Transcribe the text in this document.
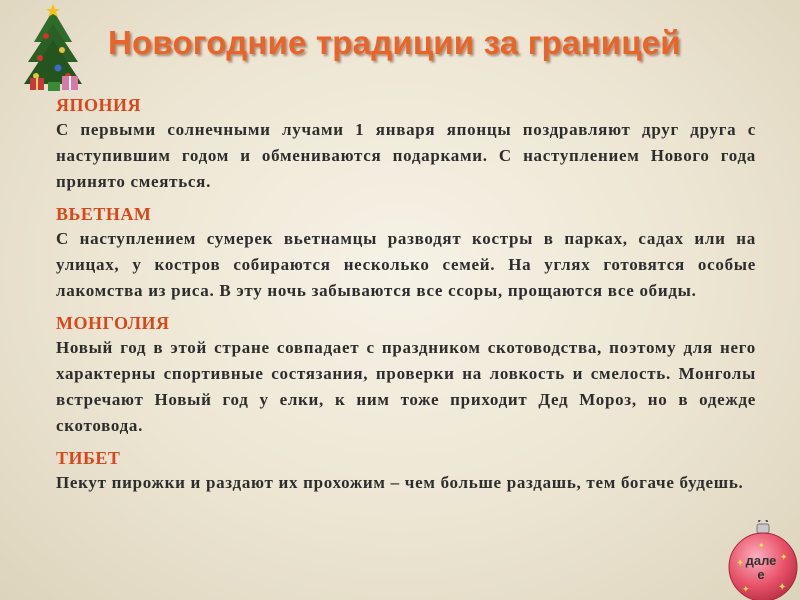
Новогодние традиции за границей
ЯПОНИЯ

С первыми солнечными лучами 1 января японцы поздравляют друг друга с наступившим годом и обмениваются подарками. С наступлением Нового года принято смеяться.

ВЬЕТНАМ

С наступлением сумерек вьетнамцы разводят костры в парках, садах или на улицах, у костров собираются несколько семей. На углях готовятся особые лакомства из риса. В эту ночь забываются все ссоры, прощаются все обиды.

МОНГОЛИЯ

Новый год в этой стране совпадает с праздником скотоводства, поэтому для него характерны спортивные состязания, проверки на ловкость и смелость. Монголы встречают Новый год у елки, к ним тоже приходит Дед Мороз, но в одежде скотовода.

ТИБЕТ

Пекут пирожки и раздают их прохожим – чем больше раздашь, тем богаче будешь.

✦
✦
✦	✦
✦
далее
